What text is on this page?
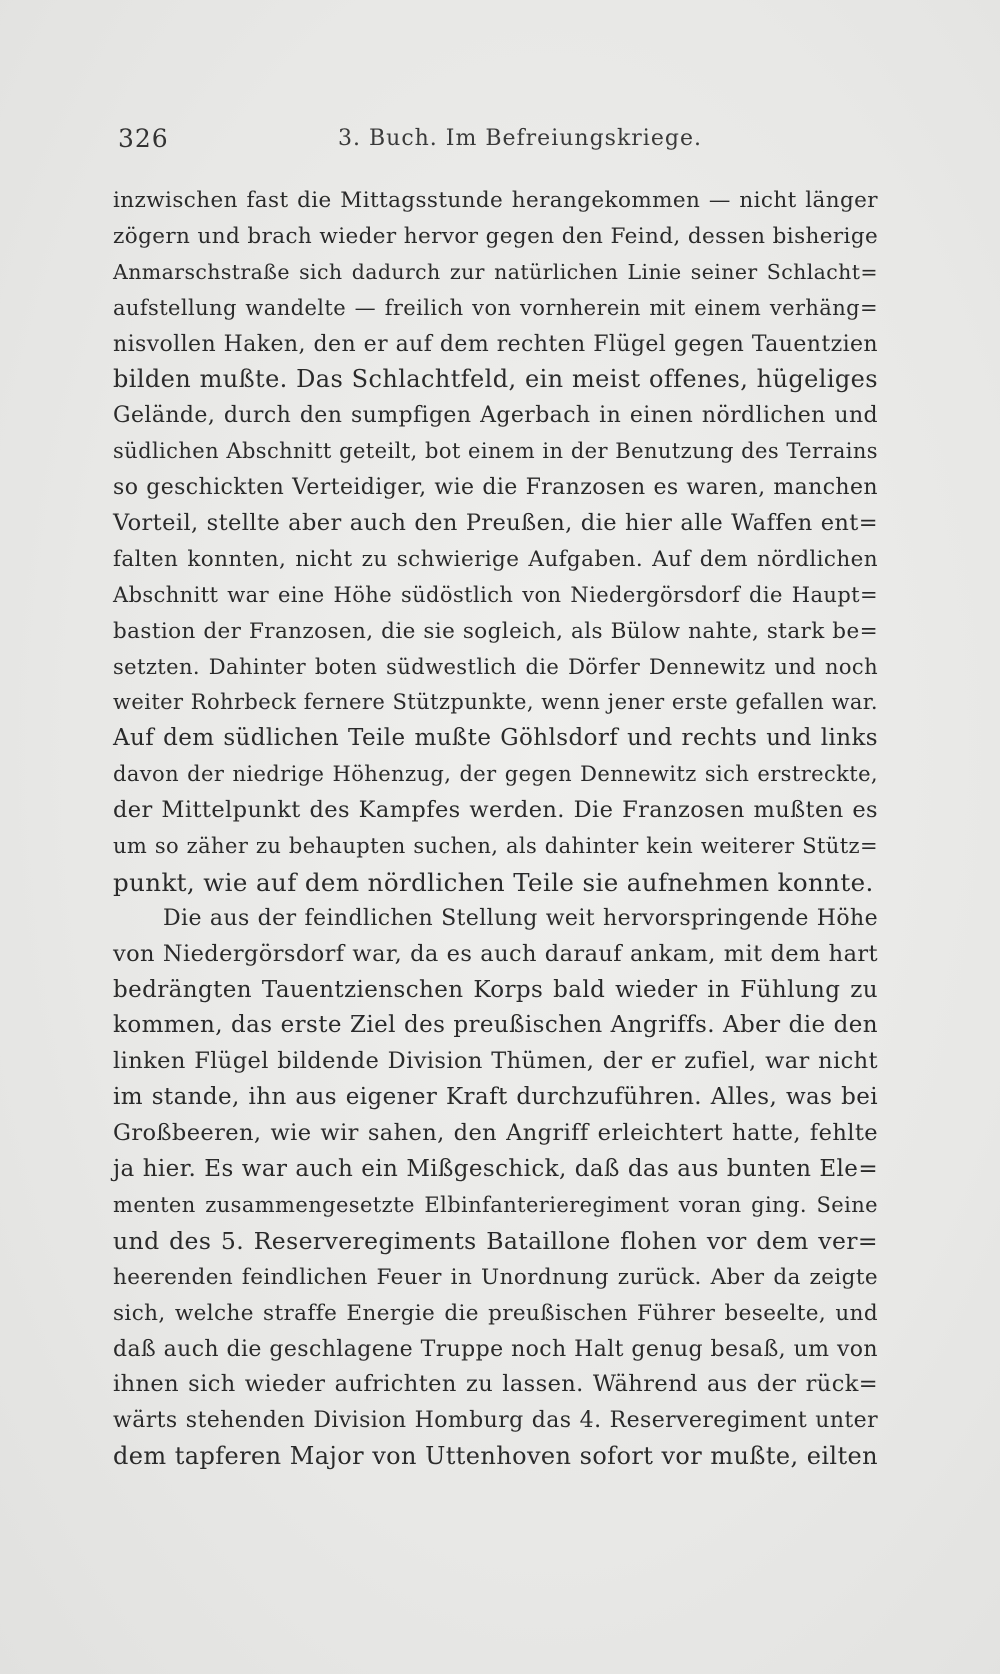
326	3. Buch. Im Befreiungskriege.
inzwischen fast die Mittagsstunde herangekommen — nicht länger
zögern und brach wieder hervor gegen den Feind, dessen bisherige
Anmarschstraße sich dadurch zur natürlichen Linie seiner Schlacht=
aufstellung wandelte — freilich von vornherein mit einem verhäng=
nisvollen Haken, den er auf dem rechten Flügel gegen Tauentzien
bilden mußte. Das Schlachtfeld, ein meist offenes, hügeliges
Gelände, durch den sumpfigen Agerbach in einen nördlichen und
südlichen Abschnitt geteilt, bot einem in der Benutzung des Terrains
so geschickten Verteidiger, wie die Franzosen es waren, manchen
Vorteil, stellte aber auch den Preußen, die hier alle Waffen ent=
falten konnten, nicht zu schwierige Aufgaben. Auf dem nördlichen
Abschnitt war eine Höhe südöstlich von Niedergörsdorf die Haupt=
bastion der Franzosen, die sie sogleich, als Bülow nahte, stark be=
setzten. Dahinter boten südwestlich die Dörfer Dennewitz und noch
weiter Rohrbeck fernere Stützpunkte, wenn jener erste gefallen war.
Auf dem südlichen Teile mußte Göhlsdorf und rechts und links
davon der niedrige Höhenzug, der gegen Dennewitz sich erstreckte,
der Mittelpunkt des Kampfes werden. Die Franzosen mußten es
um so zäher zu behaupten suchen, als dahinter kein weiterer Stütz=
punkt, wie auf dem nördlichen Teile sie aufnehmen konnte.
Die aus der feindlichen Stellung weit hervorspringende Höhe
von Niedergörsdorf war, da es auch darauf ankam, mit dem hart
bedrängten Tauentzienschen Korps bald wieder in Fühlung zu
kommen, das erste Ziel des preußischen Angriffs. Aber die den
linken Flügel bildende Division Thümen, der er zufiel, war nicht
im stande, ihn aus eigener Kraft durchzuführen. Alles, was bei
Großbeeren, wie wir sahen, den Angriff erleichtert hatte, fehlte
ja hier. Es war auch ein Mißgeschick, daß das aus bunten Ele=
menten zusammengesetzte Elbinfanterieregiment voran ging. Seine
und des 5. Reserveregiments Bataillone flohen vor dem ver=
heerenden feindlichen Feuer in Unordnung zurück. Aber da zeigte
sich, welche straffe Energie die preußischen Führer beseelte, und
daß auch die geschlagene Truppe noch Halt genug besaß, um von
ihnen sich wieder aufrichten zu lassen. Während aus der rück=
wärts stehenden Division Homburg das 4. Reserveregiment unter
dem tapferen Major von Uttenhoven sofort vor mußte, eilten
